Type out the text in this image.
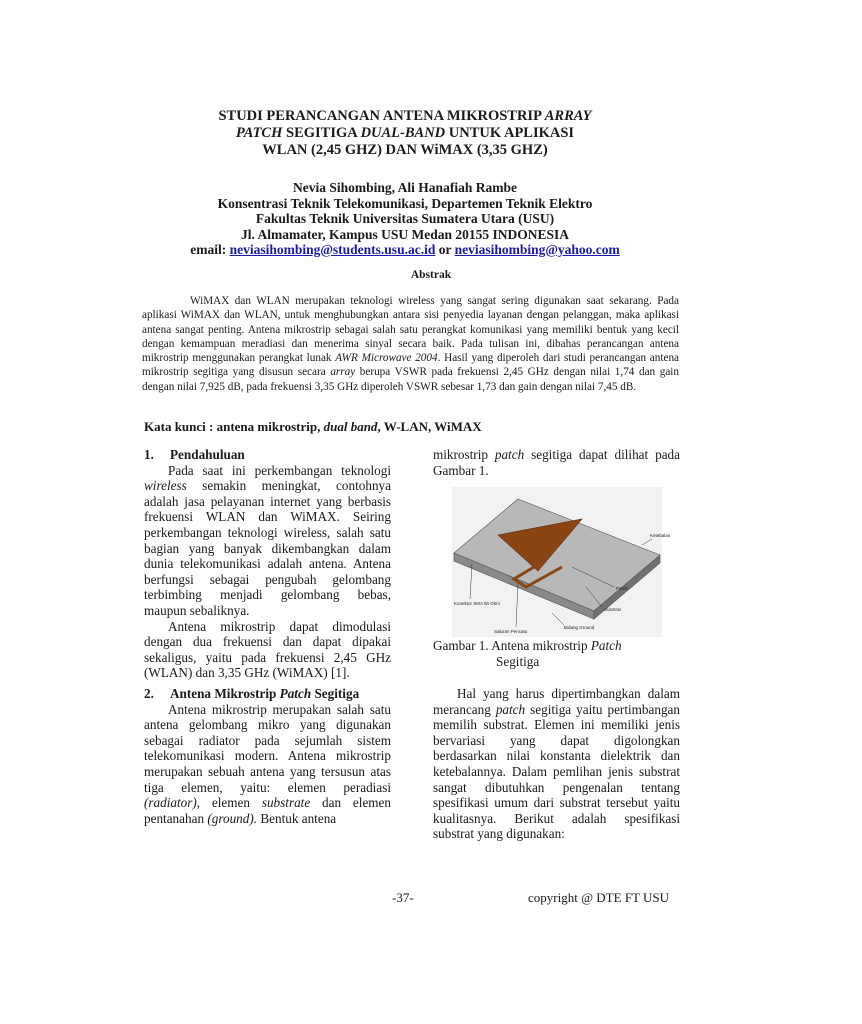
STUDI PERANCANGAN ANTENA MIKROSTRIP ARRAY
PATCH SEGITIGA DUAL-BAND UNTUK APLIKASI
WLAN (2,45 GHZ) DAN WiMAX (3,35 GHZ)
Nevia Sihombing, Ali Hanafiah Rambe
Konsentrasi Teknik Telekomunikasi, Departemen Teknik Elektro
Fakultas Teknik Universitas Sumatera Utara (USU)
Jl. Almamater, Kampus USU Medan 20155 INDONESIA
email: neviasihombing@students.usu.ac.id or neviasihombing@yahoo.com
Abstrak
WiMAX dan WLAN merupakan teknologi wireless yang sangat sering digunakan saat sekarang. Pada aplikasi WiMAX dan WLAN, untuk menghubungkan antara sisi penyedia layanan dengan pelanggan, maka aplikasi antena sangat penting. Antena mikrostrip sebagai salah satu perangkat komunikasi yang memiliki bentuk yang kecil dengan kemampuan meradiasi dan menerima sinyal secara baik. Pada tulisan ini, dibahas perancangan antena mikrostrip menggunakan perangkat lunak AWR Microwave 2004. Hasil yang diperoleh dari studi perancangan antena mikrostrip segitiga yang disusun secara array berupa VSWR pada frekuensi 2,45 GHz dengan nilai 1,74 dan gain dengan nilai 7,925 dB, pada frekuensi 3,35 GHz diperoleh VSWR sebesar 1,73 dan gain dengan nilai 7,45 dB.
Kata kunci : antena mikrostrip, dual band, W-LAN, WiMAX
1. Pendahuluan
Pada saat ini perkembangan teknologi wireless semakin meningkat, contohnya adalah jasa pelayanan internet yang berbasis frekuensi WLAN dan WiMAX. Seiring perkembangan teknologi wireless, salah satu bagian yang banyak dikembangkan dalam dunia telekomunikasi adalah antena. Antena berfungsi sebagai pengubah gelombang terbimbing menjadi gelombang bebas, maupun sebaliknya.
Antena mikrostrip dapat dimodulasi dengan dua frekuensi dan dapat dipakai sekaligus, yaitu pada frekuensi 2,45 GHz (WLAN) dan 3,35 GHz (WiMAX) [1].
2. Antena Mikrostrip Patch Segitiga
Antena mikrostrip merupakan salah satu antena gelombang mikro yang digunakan sebagai radiator pada sejumlah sistem telekomunikasi modern. Antena mikrostrip merupakan sebuah antena yang tersusun atas tiga elemen, yaitu: elemen peradiasi (radiator), elemen substrate dan elemen pentanahan (ground). Bentuk antena
mikrostrip patch segitiga dapat dilihat pada Gambar 1.
Ketebalan
Patch
Substrat
Bidang Ground
Saluran Pencatu
Konektor SMA 50 Ohm
Gambar 1. Antena mikrostrip Patch
Segitiga
Hal yang harus dipertimbangkan dalam merancang patch segitiga yaitu pertimbangan memilih substrat. Elemen ini memiliki jenis bervariasi yang dapat digolongkan berdasarkan nilai konstanta dielektrik dan ketebalannya. Dalam pemlihan jenis substrat sangat dibutuhkan pengenalan tentang spesifikasi umum dari substrat tersebut yaitu kualitasnya. Berikut adalah spesifikasi substrat yang digunakan:
-37-	copyright @ DTE FT USU
